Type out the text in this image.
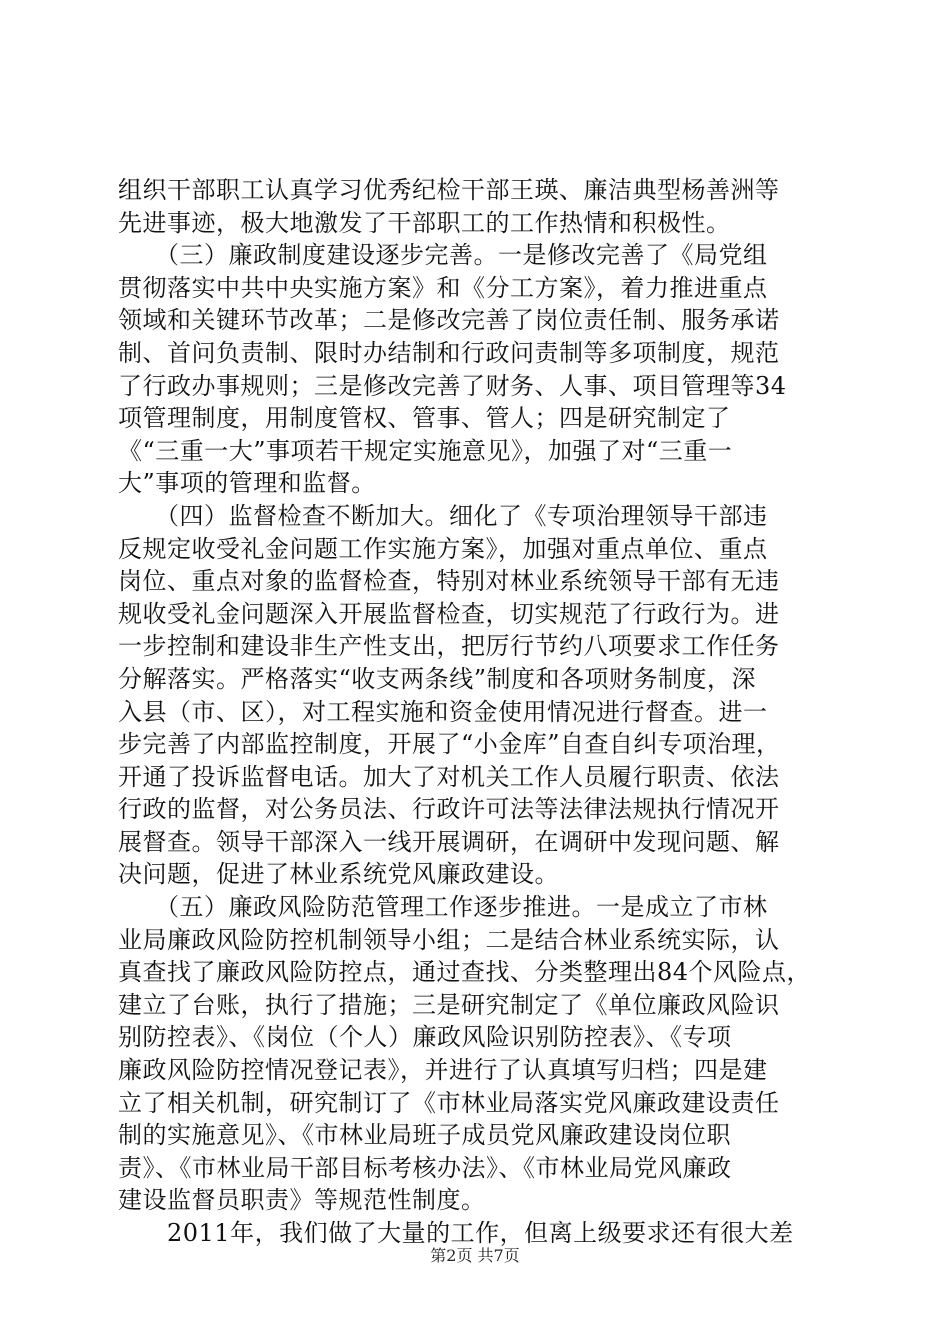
组织干部职工认真学习优秀纪检干部王瑛、廉洁典型杨善洲等
先进事迹，极大地激发了干部职工的工作热情和积极性。
　　（三）廉政制度建设逐步完善。一是修改完善了《局党组
贯彻落实中共中央实施方案》和《分工方案》，着力推进重点
领域和关键环节改革；二是修改完善了岗位责任制、服务承诺
制、首问负责制、限时办结制和行政问责制等多项制度，规范
了行政办事规则；三是修改完善了财务、人事、项目管理等34
项管理制度，用制度管权、管事、管人；四是研究制定了
《“三重一大”事项若干规定实施意见》，加强了对“三重一
大”事项的管理和监督。
　　（四）监督检查不断加大。细化了《专项治理领导干部违
反规定收受礼金问题工作实施方案》，加强对重点单位、重点
岗位、重点对象的监督检查，特别对林业系统领导干部有无违
规收受礼金问题深入开展监督检查，切实规范了行政行为。进
一步控制和建设非生产性支出，把厉行节约八项要求工作任务
分解落实。严格落实“收支两条线”制度和各项财务制度，深
入县（市、区），对工程实施和资金使用情况进行督查。进一
步完善了内部监控制度，开展了“小金库”自查自纠专项治理，
开通了投诉监督电话。加大了对机关工作人员履行职责、依法
行政的监督，对公务员法、行政许可法等法律法规执行情况开
展督查。领导干部深入一线开展调研，在调研中发现问题、解
决问题，促进了林业系统党风廉政建设。
　　（五）廉政风险防范管理工作逐步推进。一是成立了市林
业局廉政风险防控机制领导小组；二是结合林业系统实际，认
真查找了廉政风险防控点，通过查找、分类整理出84个风险点，
建立了台账，执行了措施；三是研究制定了《单位廉政风险识
别防控表》、《岗位（个人）廉政风险识别防控表》、《专项
廉政风险防控情况登记表》，并进行了认真填写归档；四是建
立了相关机制，研究制订了《市林业局落实党风廉政建设责任
制的实施意见》、《市林业局班子成员党风廉政建设岗位职
责》、《市林业局干部目标考核办法》、《市林业局党风廉政
建设监督员职责》等规范性制度。
　　2011年，我们做了大量的工作，但离上级要求还有很大差
第2页 共7页
